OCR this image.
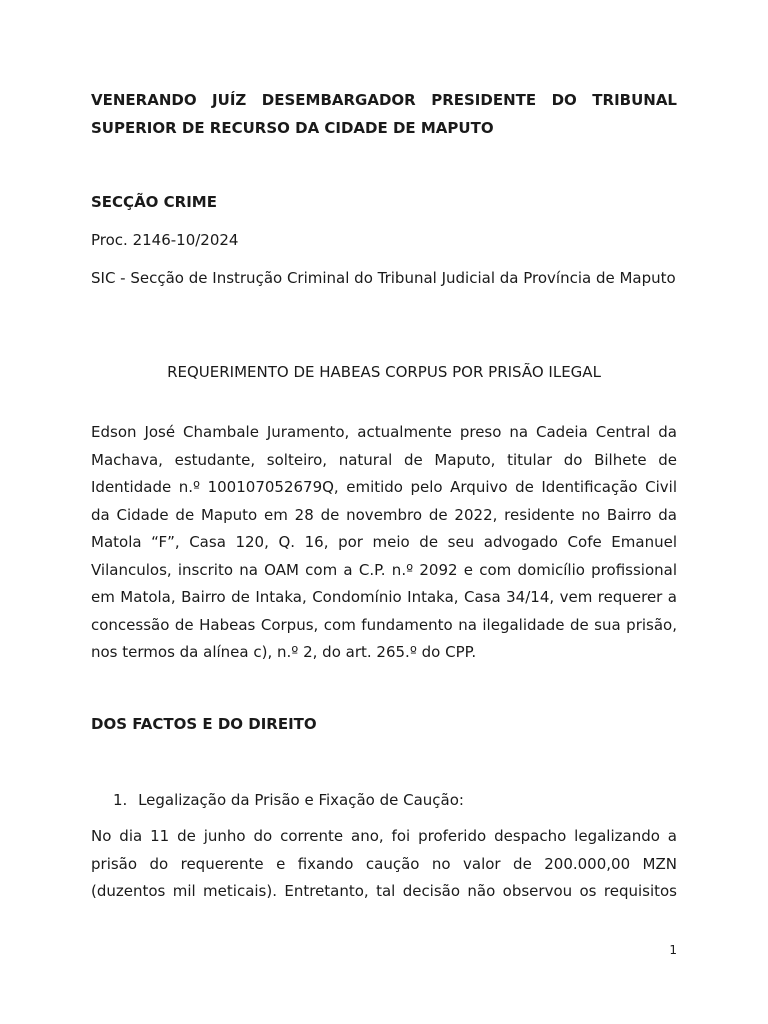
VENERANDO JUÍZ DESEMBARGADOR PRESIDENTE DO TRIBUNAL

SUPERIOR DE RECURSO DA CIDADE DE MAPUTO

SECÇÃO CRIME

Proc. 2146-10/2024

SIC - Secção de Instrução Criminal do Tribunal Judicial da Província de Maputo

REQUERIMENTO DE HABEAS CORPUS POR PRISÃO ILEGAL

Edson José Chambale Juramento, actualmente preso na Cadeia Central da Machava, estudante, solteiro, natural de Maputo, titular do Bilhete de Identidade n.º 100107052679Q, emitido pelo Arquivo de Identificação Civil da Cidade de Maputo em 28 de novembro de 2022, residente no Bairro da Matola “F”, Casa 120, Q. 16, por meio de seu advogado Cofe Emanuel Vilanculos, inscrito na OAM com a C.P. n.º 2092 e com domicílio profissional em Matola, Bairro de Intaka, Condomínio Intaka, Casa 34/14, vem requerer a concessão de Habeas Corpus, com fundamento na ilegalidade de sua prisão, nos termos da alínea c), n.º 2, do art. 265.º do CPP.

DOS FACTOS E DO DIREITO

1. Legalização da Prisão e Fixação de Caução:

No dia 11 de junho do corrente ano, foi proferido despacho legalizando a prisão do requerente e fixando caução no valor de 200.000,00 MZN (duzentos mil meticais). Entretanto, tal decisão não observou os requisitos

1
